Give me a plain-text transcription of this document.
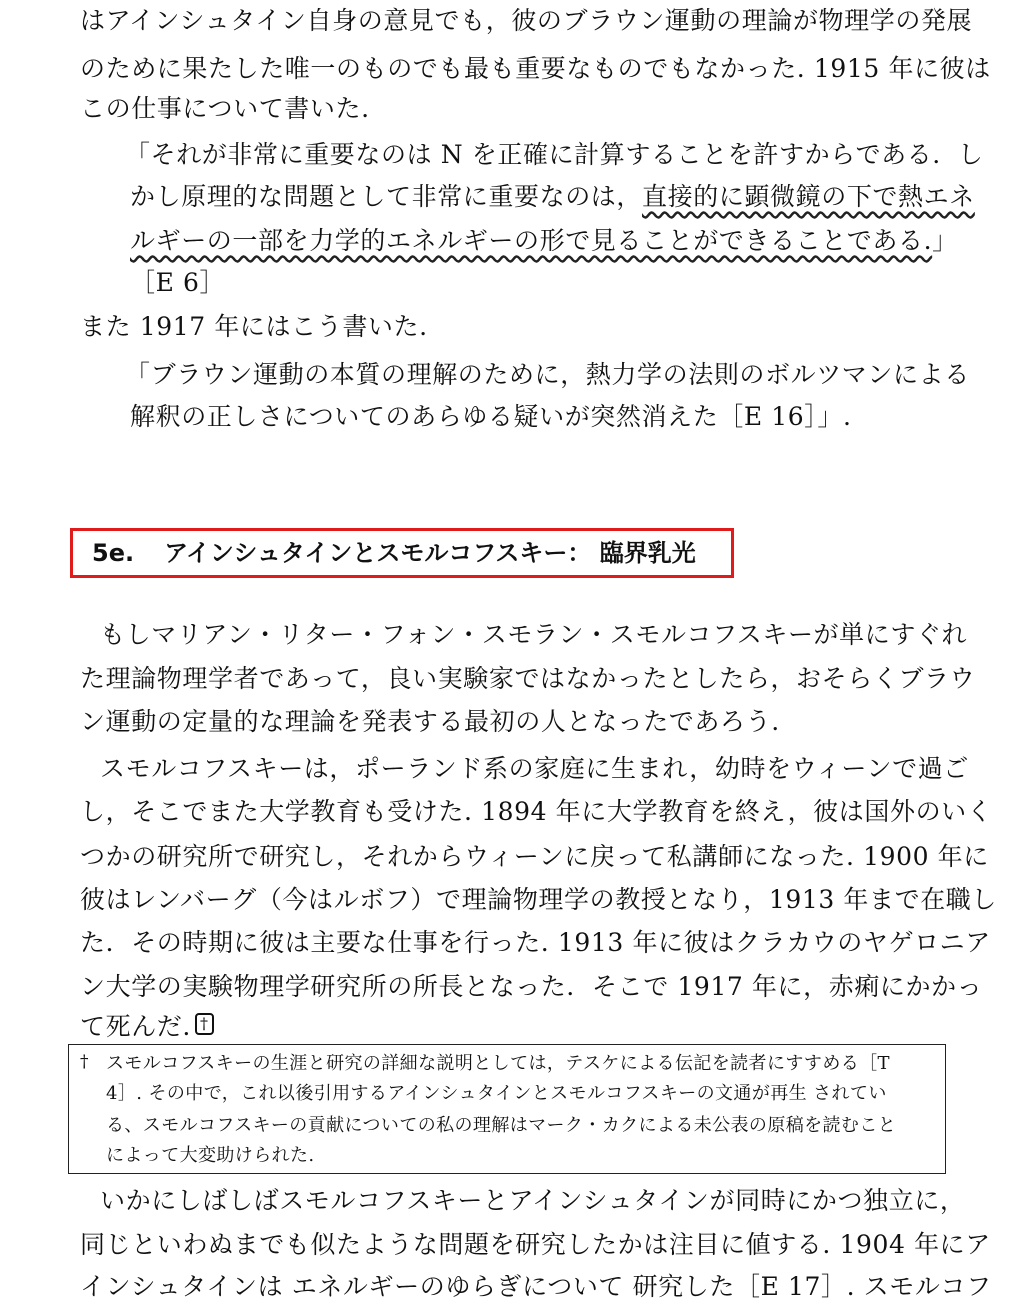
はアインシュタイン自身の意見でも，彼のブラウン運動の理論が物理学の発展
のために果たした唯一のものでも最も重要なものでもなかった. 1915 年に彼は
この仕事について書いた.
「それが非常に重要なのは N を正確に計算することを許すからである．し
かし原理的な問題として非常に重要なのは，直接的に顕微鏡の下で熱エネ
ルギーの一部を力学的エネルギーの形で見ることができることである.」
［E 6］
また 1917 年にはこう書いた.
「ブラウン運動の本質の理解のために，熱力学の法則のボルツマンによる
解釈の正しさについてのあらゆる疑いが突然消えた［E 16］」.
5e. アインシュタインとスモルコフスキー： 臨界乳光
もしマリアン・リター・フォン・スモラン・スモルコフスキーが単にすぐれ
た理論物理学者であって，良い実験家ではなかったとしたら，おそらくブラウ
ン運動の定量的な理論を発表する最初の人となったであろう.
スモルコフスキーは，ポーランド系の家庭に生まれ，幼時をウィーンで過ご
し，そこでまた大学教育も受けた. 1894 年に大学教育を終え，彼は国外のいく
つかの研究所で研究し，それからウィーンに戻って私講師になった. 1900 年に
彼はレンバーグ（今はルボフ）で理論物理学の教授となり，1913 年まで在職し
た．その時期に彼は主要な仕事を行った. 1913 年に彼はクラカウのヤゲロニア
ン大学の実験物理学研究所の所長となった．そこで 1917 年に，赤痢にかかっ
て死んだ. †
† スモルコフスキーの生涯と研究の詳細な説明としては，テスケによる伝記を読者にすすめる［T
4］. その中で，これ以後引用するアインシュタインとスモルコフスキーの文通が再生 されてい
る、スモルコフスキーの貢献についての私の理解はマーク・カクによる未公表の原稿を読むこと
によって大変助けられた.
いかにしばしばスモルコフスキーとアインシュタインが同時にかつ独立に，
同じといわぬまでも似たような問題を研究したかは注目に値する. 1904 年にア
インシュタインは エネルギーのゆらぎについて 研究した［E 17］. スモルコフ
